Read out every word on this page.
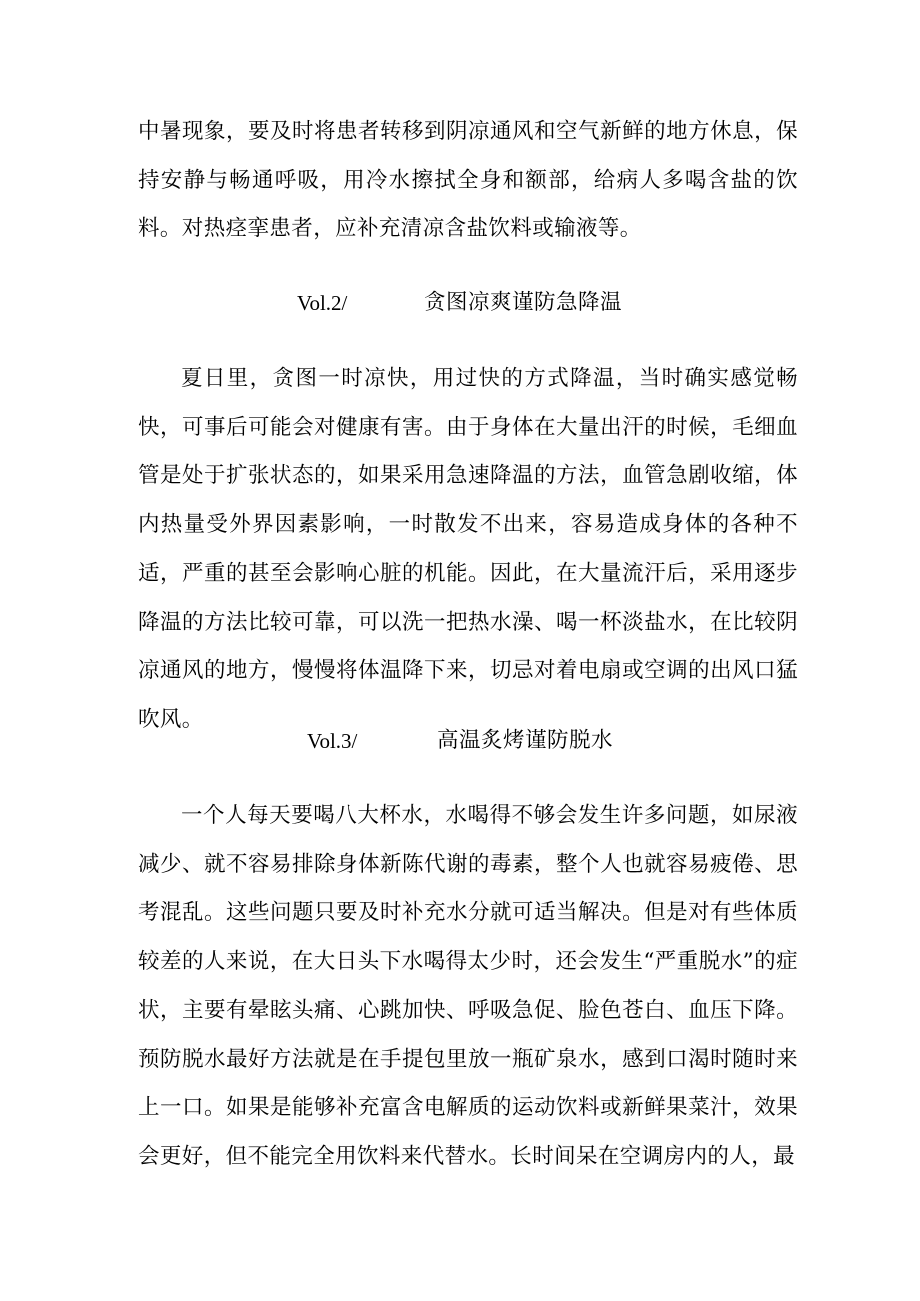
中暑现象，要及时将患者转移到阴凉通风和空气新鲜的地方休息，保持安静与畅通呼吸，用冷水擦拭全身和额部，给病人多喝含盐的饮料。对热痉挛患者，应补充清凉含盐饮料或输液等。

Vol.2/	贪图凉爽谨防急降温

夏日里，贪图一时凉快，用过快的方式降温，当时确实感觉畅快，可事后可能会对健康有害。由于身体在大量出汗的时候，毛细血管是处于扩张状态的，如果采用急速降温的方法，血管急剧收缩，体内热量受外界因素影响，一时散发不出来，容易造成身体的各种不适，严重的甚至会影响心脏的机能。因此，在大量流汗后，采用逐步降温的方法比较可靠，可以洗一把热水澡、喝一杯淡盐水，在比较阴凉通风的地方，慢慢将体温降下来，切忌对着电扇或空调的出风口猛吹风。

Vol.3/	高温炙烤谨防脱水

一个人每天要喝八大杯水，水喝得不够会发生许多问题，如尿液减少、就不容易排除身体新陈代谢的毒素，整个人也就容易疲倦、思考混乱。这些问题只要及时补充水分就可适当解决。但是对有些体质较差的人来说，在大日头下水喝得太少时，还会发生“严重脱水”的症状，主要有晕眩头痛、心跳加快、呼吸急促、脸色苍白、血压下降。预防脱水最好方法就是在手提包里放一瓶矿泉水，感到口渴时随时来上一口。如果是能够补充富含电解质的运动饮料或新鲜果菜汁，效果会更好，但不能完全用饮料来代替水。长时间呆在空调房内的人，最
